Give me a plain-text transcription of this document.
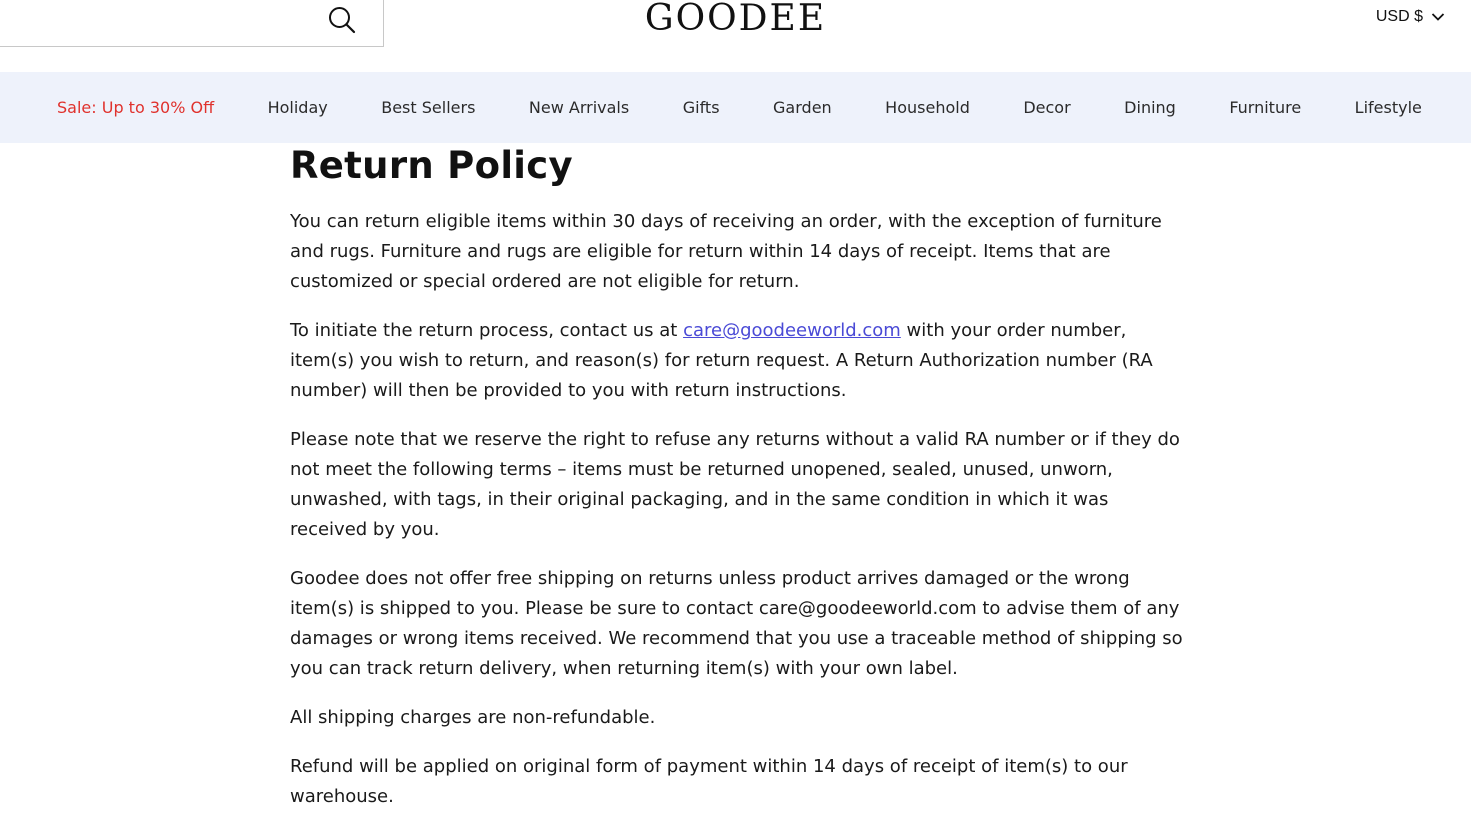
GOODEE	USD $
Sale: Up to 30% Off	Holiday	Best Sellers	New Arrivals	Gifts	Garden	Household	Decor	Dining	Furniture	Lifestyle
Return Policy

You can return eligible items within 30 days of receiving an order, with the exception of furniture and rugs. Furniture and rugs are eligible for return within 14 days of receipt. Items that are customized or special ordered are not eligible for return.

To initiate the return process, contact us at care@goodeeworld.com with your order number, item(s) you wish to return, and reason(s) for return request. A Return Authorization number (RA number) will then be provided to you with return instructions.

Please note that we reserve the right to refuse any returns without a valid RA number or if they do not meet the following terms – items must be returned unopened, sealed, unused, unworn, unwashed, with tags, in their original packaging, and in the same condition in which it was received by you.

Goodee does not offer free shipping on returns unless product arrives damaged or the wrong item(s) is shipped to you. Please be sure to contact care@goodeeworld.com to advise them of any damages or wrong items received. We recommend that you use a traceable method of shipping so you can track return delivery, when returning item(s) with your own label.

All shipping charges are non-refundable.

Refund will be applied on original form of payment within 14 days of receipt of item(s) to our warehouse.
